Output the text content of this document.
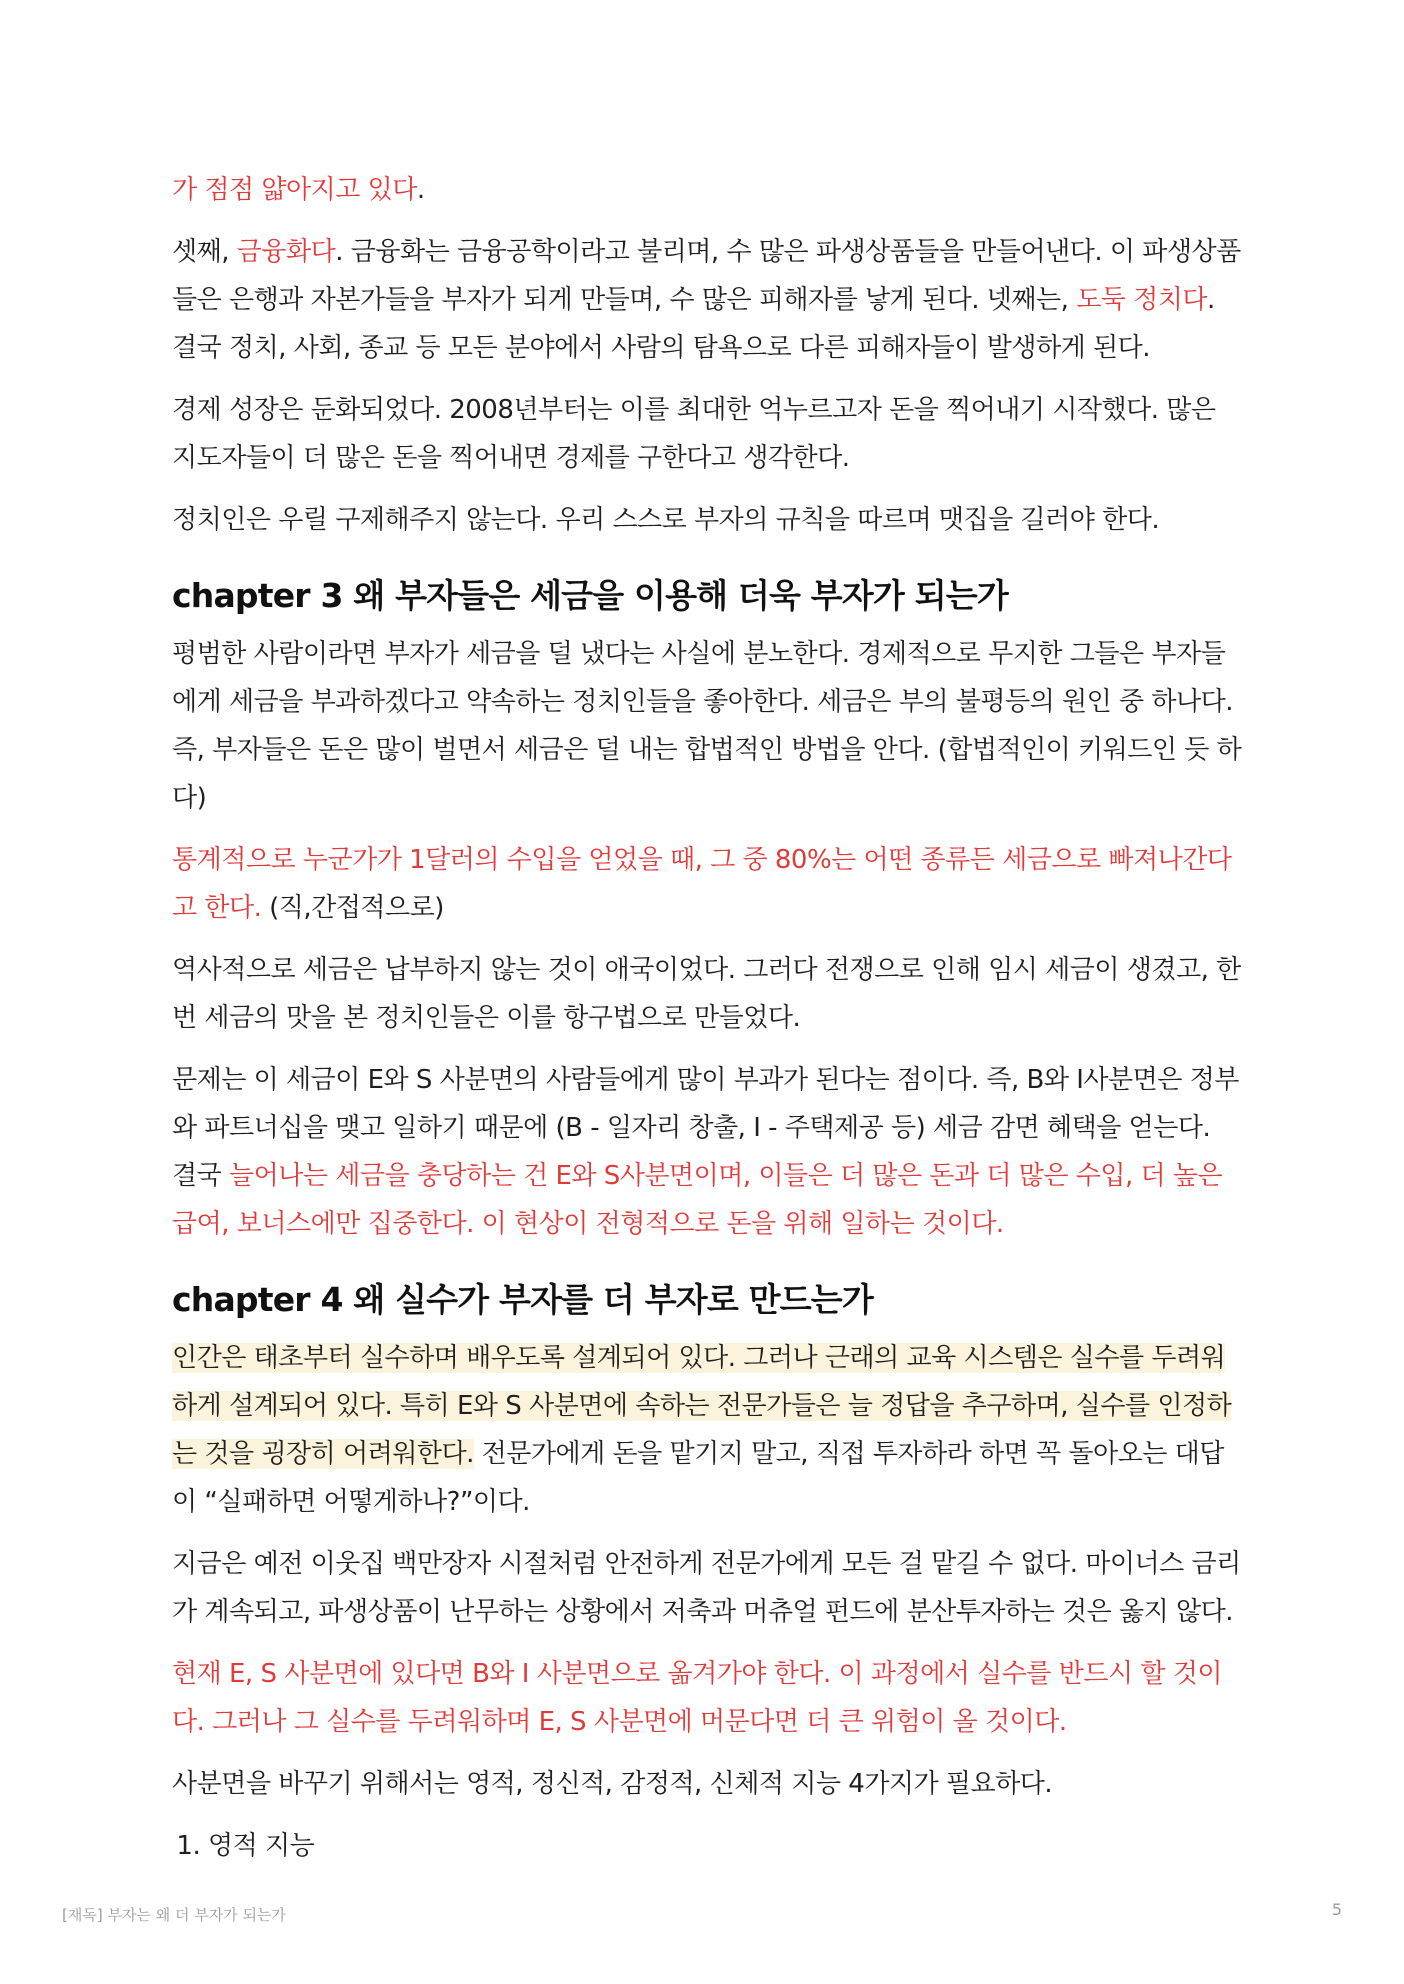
가 점점 얇아지고 있다.

셋째, 금융화다. 금융화는 금융공학이라고 불리며, 수 많은 파생상품들을 만들어낸다. 이 파생상품들은 은행과 자본가들을 부자가 되게 만들며, 수 많은 피해자를 낳게 된다. 넷째는, 도둑 정치다. 결국 정치, 사회, 종교 등 모든 분야에서 사람의 탐욕으로 다른 피해자들이 발생하게 된다.

경제 성장은 둔화되었다. 2008년부터는 이를 최대한 억누르고자 돈을 찍어내기 시작했다. 많은 지도자들이 더 많은 돈을 찍어내면 경제를 구한다고 생각한다.

정치인은 우릴 구제해주지 않는다. 우리 스스로 부자의 규칙을 따르며 맷집을 길러야 한다.

chapter 3 왜 부자들은 세금을 이용해 더욱 부자가 되는가

평범한 사람이라면 부자가 세금을 덜 냈다는 사실에 분노한다. 경제적으로 무지한 그들은 부자들에게 세금을 부과하겠다고 약속하는 정치인들을 좋아한다. 세금은 부의 불평등의 원인 중 하나다. 즉, 부자들은 돈은 많이 벌면서 세금은 덜 내는 합법적인 방법을 안다. (합법적인이 키워드인 듯 하다)

통계적으로 누군가가 1달러의 수입을 얻었을 때, 그 중 80%는 어떤 종류든 세금으로 빠져나간다고 한다. (직,간접적으로)

역사적으로 세금은 납부하지 않는 것이 애국이었다. 그러다 전쟁으로 인해 임시 세금이 생겼고, 한 번 세금의 맛을 본 정치인들은 이를 항구법으로 만들었다.

문제는 이 세금이 E와 S 사분면의 사람들에게 많이 부과가 된다는 점이다. 즉, B와 I사분면은 정부와 파트너십을 맺고 일하기 때문에 (B - 일자리 창출, I - 주택제공 등) 세금 감면 혜택을 얻는다. 결국 늘어나는 세금을 충당하는 건 E와 S사분면이며, 이들은 더 많은 돈과 더 많은 수입, 더 높은 급여, 보너스에만 집중한다. 이 현상이 전형적으로 돈을 위해 일하는 것이다.

chapter 4 왜 실수가 부자를 더 부자로 만드는가

인간은 태초부터 실수하며 배우도록 설계되어 있다. 그러나 근래의 교육 시스템은 실수를 두려워하게 설계되어 있다. 특히 E와 S 사분면에 속하는 전문가들은 늘 정답을 추구하며, 실수를 인정하는 것을 굉장히 어려워한다. 전문가에게 돈을 맡기지 말고, 직접 투자하라 하면 꼭 돌아오는 대답이 “실패하면 어떻게하나?”이다.

지금은 예전 이웃집 백만장자 시절처럼 안전하게 전문가에게 모든 걸 맡길 수 없다. 마이너스 금리가 계속되고, 파생상품이 난무하는 상황에서 저축과 머츄얼 펀드에 분산투자하는 것은 옳지 않다.

현재 E, S 사분면에 있다면 B와 I 사분면으로 옮겨가야 한다. 이 과정에서 실수를 반드시 할 것이다. 그러나 그 실수를 두려워하며 E, S 사분면에 머문다면 더 큰 위험이 올 것이다.

사분면을 바꾸기 위해서는 영적, 정신적, 감정적, 신체적 지능 4가지가 필요하다.

1. 영적 지능
[재독] 부자는 왜 더 부자가 되는가	5
